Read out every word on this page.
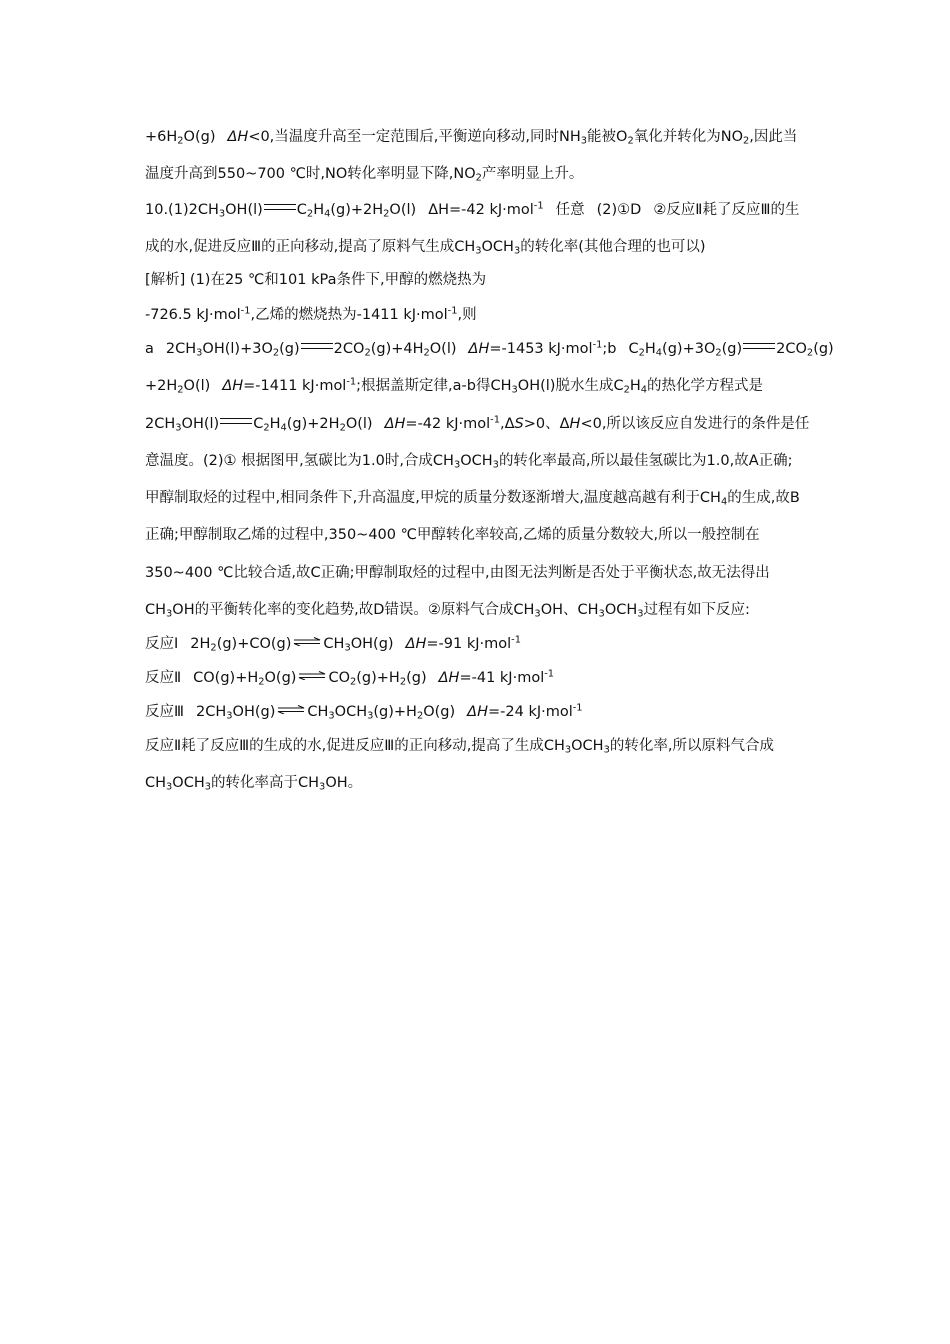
$+6H_2O(g)$ ΔH<0,当温度升高至一定范围后,平衡逆向移动,同时$NH_3$能被$O_2$氧化并转化为$NO_2$,因此当
温度升高到550~700 ℃时,NO转化率明显下降$,NO_2$产率明显上升。
$10.(1)2CH_3OH(l)$ $C_2H_4(g)+2H_2O(l)$ ΔH=-42 kJ·mol$^{-1}$ 任意 (2)①D ②反应Ⅱ耗了反应Ⅲ的生
成的水,促进反应Ⅲ的正向移动,提高了原料气生成$CH_3OCH_3$的转化率(其他合理的也可以)
[解析] (1)在25 ℃和101 kPa条件下,甲醇的燃烧热为
-726.5 kJ·mol$^{-1}$,乙烯的燃烧热为-1411 kJ·mol$^{-1}$,则
a $2CH_3OH(l)+3O_2(g)$ $2CO_2(g)+4H_2O(l)$ ΔH=-1453 kJ·mol$^{-1}$;b $C_2H_4(g)+3O_2(g)$ $2CO_2(g)$
$+2H_2O(l)$ ΔH=-1411 kJ·mol$^{-1}$;根据盖斯定律,a-b得$CH_3OH(l)$脱水生成$C_2H_4$的热化学方程式是
$2CH_3OH(l)$ $C_2H_4(g)+2H_2O(l)$ ΔH=-42 kJ·mol$^{-1}$,ΔS>0、ΔH<0,所以该反应自发进行的条件是任
意温度。(2)① 根据图甲,氢碳比为1.0时,合成$CH_3OCH_3$的转化率最高,所以最佳氢碳比为1.0,故A正确;
甲醇制取烃的过程中,相同条件下,升高温度,甲烷的质量分数逐渐增大,温度越高越有利于$CH_4$的生成,故B
正确;甲醇制取乙烯的过程中,350~400 ℃甲醇转化率较高,乙烯的质量分数较大,所以一般控制在
350~400 ℃比较合适,故C正确;甲醇制取烃的过程中,由图无法判断是否处于平衡状态,故无法得出
$CH_3OH$的平衡转化率的变化趋势,故D错误。②原料气合成$CH_3OH$、$CH_3OCH_3$过程有如下反应:
反应Ⅰ $2H_2(g)+CO(g)\rightleftharpoons CH_3OH(g)$ ΔH=-91 kJ·mol$^{-1}$
反应Ⅱ $CO(g)+H_2O(g)\rightleftharpoons CO_2(g)+H_2(g)$ ΔH=-41 kJ·mol$^{-1}$
反应Ⅲ $2CH_3OH(g)\rightleftharpoons CH_3OCH_3(g)+H_2O(g)$ ΔH=-24 kJ·mol$^{-1}$
反应Ⅱ耗了反应Ⅲ的生成的水,促进反应Ⅲ的正向移动,提高了生成$CH_3OCH_3$的转化率,所以原料气合成
$CH_3OCH_3$的转化率高于$CH_3OH$。
